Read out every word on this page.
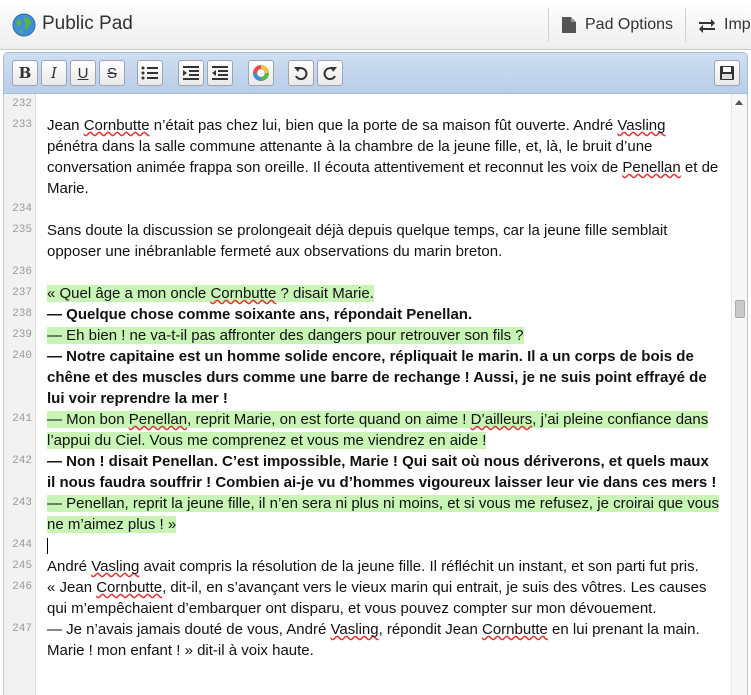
Public Pad	Pad Options	Imp
B I U S
232
233 Jean Cornbutte n’était pas chez lui, bien que la porte de sa maison fût ouverte. André Vasling pénétra dans la salle commune attenante à la chambre de la jeune fille, et, là, le bruit d’une conversation animée frappa son oreille. Il écouta attentivement et reconnut les voix de Penellan et de Marie.
234
235 Sans doute la discussion se prolongeait déjà depuis quelque temps, car la jeune fille semblait opposer une inébranlable fermeté aux observations du marin breton.
236
237 « Quel âge a mon oncle Cornbutte ? disait Marie.
238 — Quelque chose comme soixante ans, répondait Penellan.
239 — Eh bien ! ne va-t-il pas affronter des dangers pour retrouver son fils ?
240 — Notre capitaine est un homme solide encore, répliquait le marin. Il a un corps de bois de chêne et des muscles durs comme une barre de rechange ! Aussi, je ne suis point effrayé de lui voir reprendre la mer !
241 — Mon bon Penellan, reprit Marie, on est forte quand on aime ! D’ailleurs, j’ai pleine confiance dans l’appui du Ciel. Vous me comprenez et vous me viendrez en aide !
242 — Non ! disait Penellan. C’est impossible, Marie ! Qui sait où nous dériverons, et quels maux il nous faudra souffrir ! Combien ai-je vu d’hommes vigoureux laisser leur vie dans ces mers !
243 — Penellan, reprit la jeune fille, il n’en sera ni plus ni moins, et si vous me refusez, je croirai que vous ne m’aimez plus ! »
244
245 André Vasling avait compris la résolution de la jeune fille. Il réfléchit un instant, et son parti fut pris.
246 « Jean Cornbutte, dit-il, en s’avançant vers le vieux marin qui entrait, je suis des vôtres. Les causes qui m’empêchaient d’embarquer ont disparu, et vous pouvez compter sur mon dévouement.
247 — Je n’avais jamais douté de vous, André Vasling, répondit Jean Cornbutte en lui prenant la main. Marie ! mon enfant ! » dit-il à voix haute.
